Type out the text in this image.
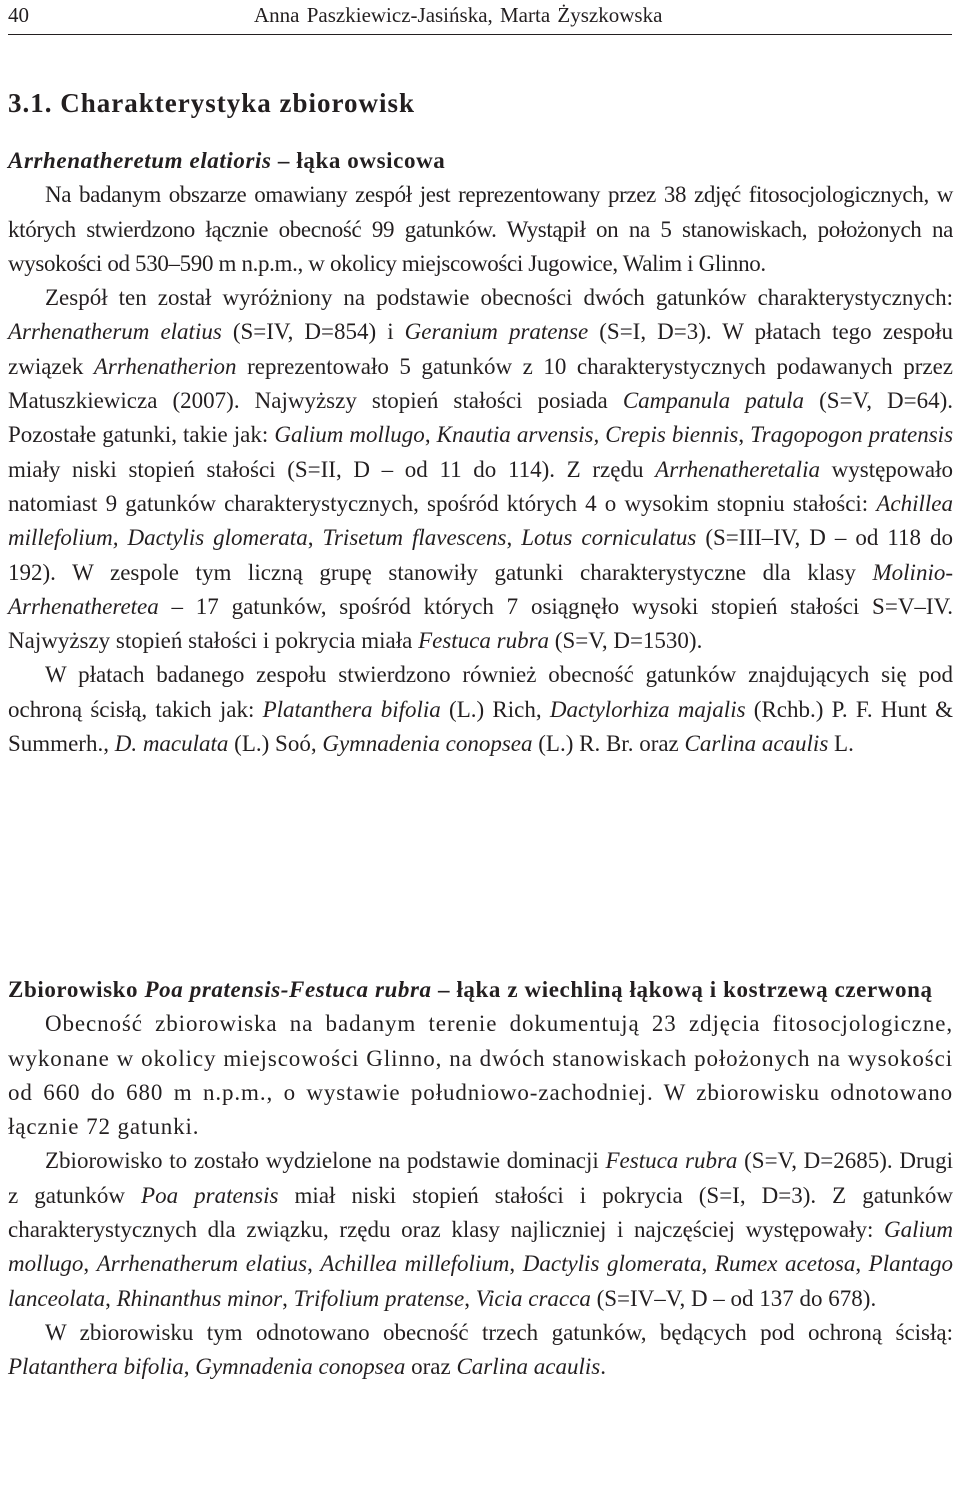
40	Anna Paszkiewicz-Jasińska, Marta Żyszkowska
3.1. Charakterystyka zbiorowisk

Arrhenatheretum elatioris – łąka owsicowa

Na badanym obszarze omawiany zespół jest reprezentowany przez 38 zdjęć fitosocjologicznych, w których stwierdzono łącznie obecność 99 gatunków. Wystąpił on na 5 stanowiskach, położonych na wysokości od 530–590 m n.p.m., w okolicy miejscowości Jugowice, Walim i Glinno.

Zespół ten został wyróżniony na podstawie obecności dwóch gatunków charakterystycznych: Arrhenatherum elatius (S=IV, D=854) i Geranium pratense (S=I, D=3). W płatach tego zespołu związek Arrhenatherion reprezentowało 5 gatunków z 10 charakterystycznych podawanych przez Matuszkiewicza (2007). Najwyższy stopień stałości posiada Campanula patula (S=V, D=64). Pozostałe gatunki, takie jak: Galium mollugo, Knautia arvensis, Crepis biennis, Tragopogon pratensis miały niski stopień stałości (S=II, D – od 11 do 114). Z rzędu Arrhenatheretalia występowało natomiast 9 gatunków charakterystycznych, spośród których 4 o wysokim stopniu stałości: Achillea millefolium, Dactylis glomerata, Trisetum flavescens, Lotus corniculatus (S=III–IV, D – od 118 do 192). W zespole tym liczną grupę stanowiły gatunki charakterystyczne dla klasy Molinio-Arrhenatheretea – 17 gatunków, spośród których 7 osiągnęło wysoki stopień stałości S=V–IV. Najwyższy stopień stałości i pokrycia miała Festuca rubra (S=V, D=1530).

W płatach badanego zespołu stwierdzono również obecność gatunków znajdujących się pod ochroną ścisłą, takich jak: Platanthera bifolia (L.) Rich, Dactylorhiza majalis (Rchb.) P. F. Hunt & Summerh., D. maculata (L.) Soó, Gymnadenia conopsea (L.) R. Br. oraz Carlina acaulis L.

Zbiorowisko Poa pratensis-Festuca rubra – łąka z wiechliną łąkową i kostrzewą czerwoną

Obecność zbiorowiska na badanym terenie dokumentują 23 zdjęcia fitosocjologiczne, wykonane w okolicy miejscowości Glinno, na dwóch stanowiskach położonych na wysokości od 660 do 680 m n.p.m., o wystawie południowo-zachodniej. W zbiorowisku odnotowano łącznie 72 gatunki.

Zbiorowisko to zostało wydzielone na podstawie dominacji Festuca rubra (S=V, D=2685). Drugi z gatunków Poa pratensis miał niski stopień stałości i pokrycia (S=I, D=3). Z gatunków charakterystycznych dla związku, rzędu oraz klasy najliczniej i najczęściej występowały: Galium mollugo, Arrhenatherum elatius, Achillea millefolium, Dactylis glomerata, Rumex acetosa, Plantago lanceolata, Rhinanthus minor, Trifolium pratense, Vicia cracca (S=IV–V, D – od 137 do 678).

W zbiorowisku tym odnotowano obecność trzech gatunków, będących pod ochroną ścisłą: Platanthera bifolia, Gymnadenia conopsea oraz Carlina acaulis.
